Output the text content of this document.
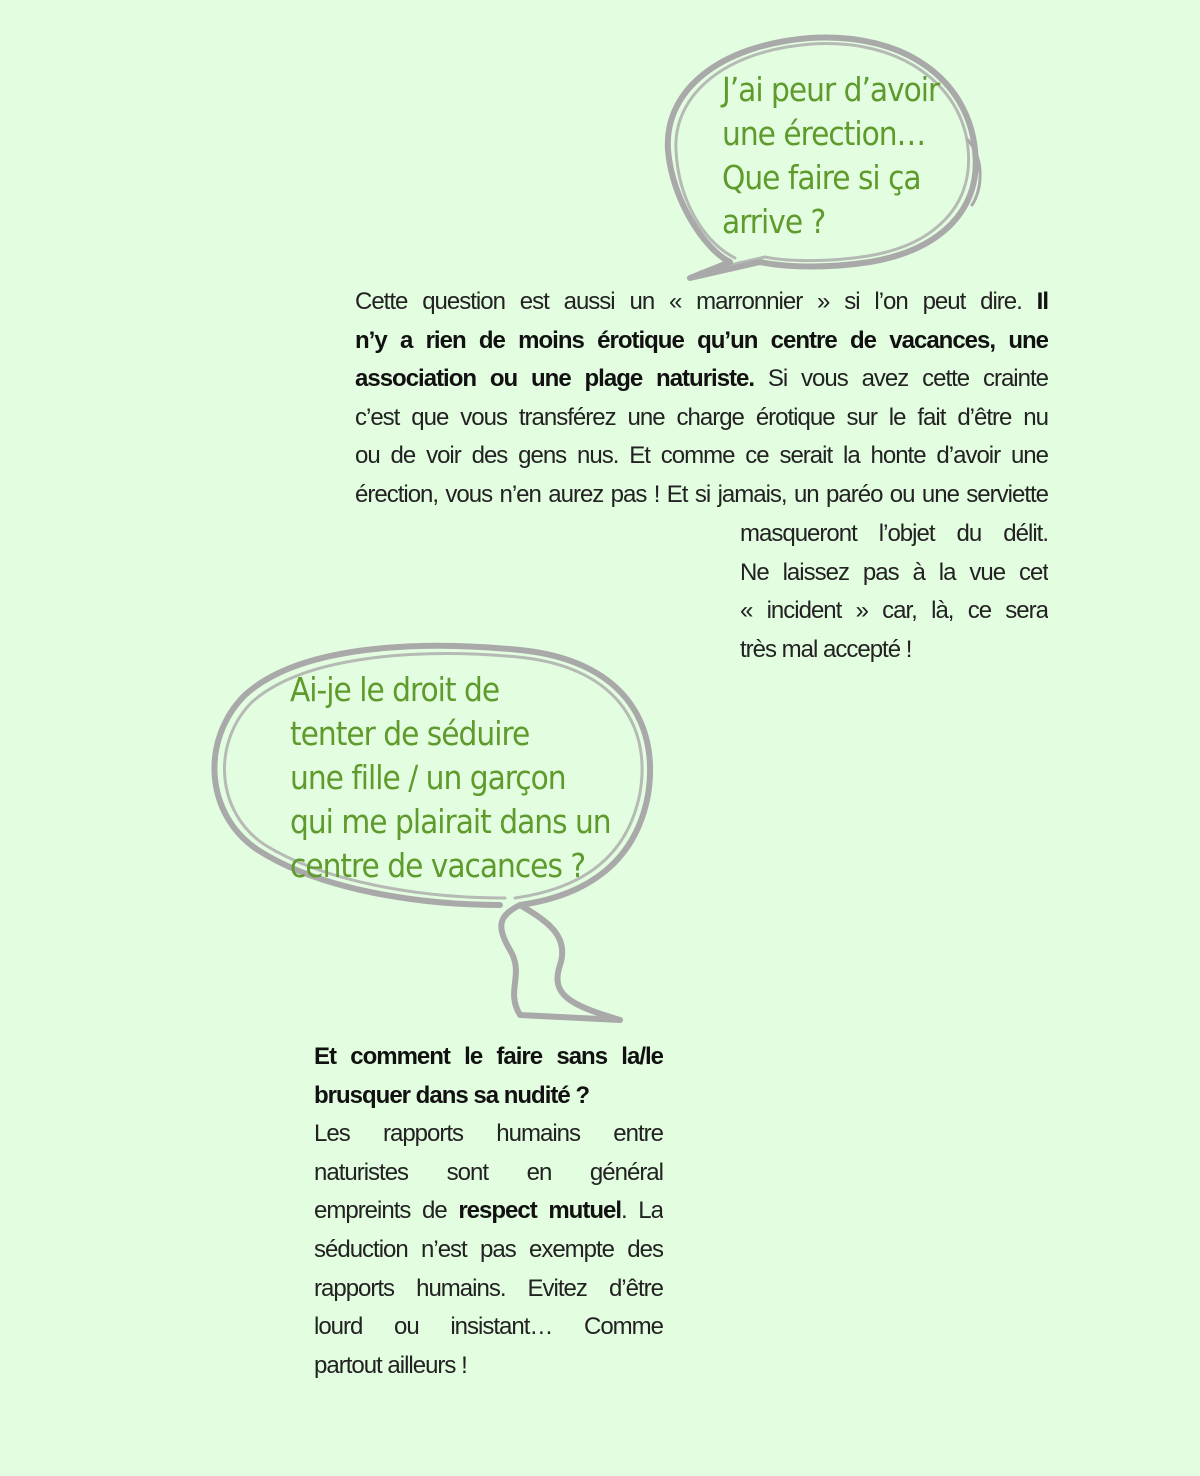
J’ai peur d’avoir
une érection…
Que faire si ça
arrive ?
Cette question est aussi un « marronnier » si l’on peut dire. Il
n’y a rien de moins érotique qu’un centre de vacances, une
association ou une plage naturiste. Si vous avez cette crainte
c’est que vous transférez une charge érotique sur le fait d’être nu
ou de voir des gens nus. Et comme ce serait la honte d’avoir une
érection, vous n’en aurez pas ! Et si jamais, un paréo ou une serviette
masqueront l’objet du délit.
Ne laissez pas à la vue cet
« incident » car, là, ce sera
très mal accepté !
Ai-je le droit de
tenter de séduire
une fille / un garçon
qui me plairait dans un
centre de vacances ?
Et comment le faire sans la/le
brusquer dans sa nudité ?
Les rapports humains entre
naturistes sont en général
empreints de respect mutuel. La
séduction n’est pas exempte des
rapports humains. Evitez d’être
lourd ou insistant… Comme
partout ailleurs !
